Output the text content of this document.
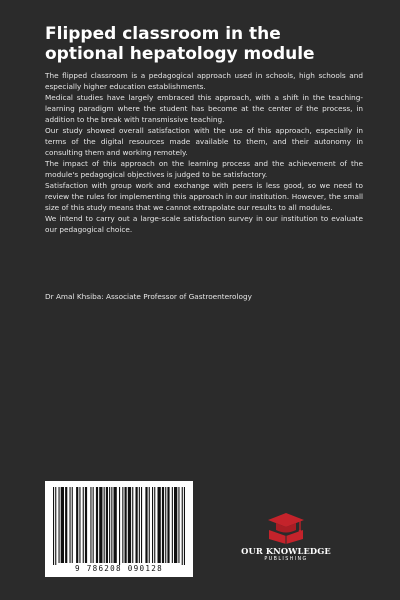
Flipped classroom in the optional hepatology module

The flipped classroom is a pedagogical approach used in schools, high schools and especially higher education establishments.

Medical studies have largely embraced this approach, with a shift in the teaching-learning paradigm where the student has become at the center of the process, in addition to the break with transmissive teaching.

Our study showed overall satisfaction with the use of this approach, especially in terms of the digital resources made available to them, and their autonomy in consulting them and working remotely.

The impact of this approach on the learning process and the achievement of the module's pedagogical objectives is judged to be satisfactory.

Satisfaction with group work and exchange with peers is less good, so we need to review the rules for implementing this approach in our institution. However, the small size of this study means that we cannot extrapolate our results to all modules.

We intend to carry out a large-scale satisfaction survey in our institution to evaluate our pedagogical choice.

Dr Amal Khsiba: Associate Professor of Gastroenterology
9 786208 090128
OUR KNOWLEDGE
PUBLISHING
